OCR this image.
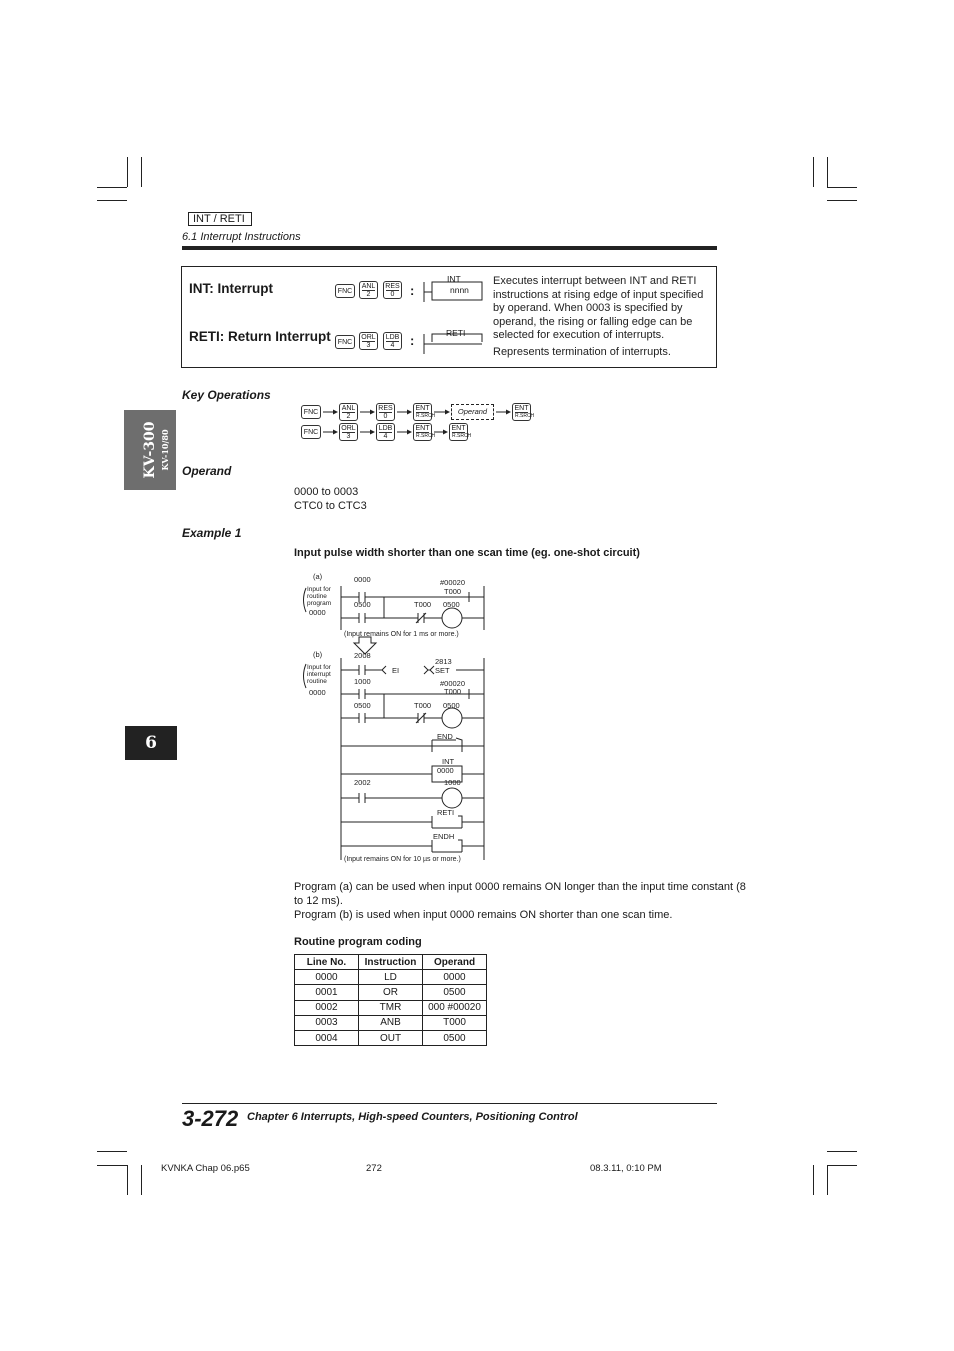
INT / RETI
6.1 Interrupt Instructions
INT: Interrupt
RETI: Return Interrupt
FNC
ANL
2
RES
0	:
FNC
ORL
3
LDB
4	:
INT
nnnn
RETI
Executes interrupt between INT and RETI
instructions at rising edge of input specified
by operand. When 0003 is specified by
operand, the rising or falling edge can be
selected for execution of interrupts.
Represents termination of interrupts.
Key Operations
FNC
ANL
2
RES
0
ENT
R.SRCH	Operand	ENT
R.SRCH
FNC
ORL
3
LDB
4
ENT
R.SRCH
ENT
R.SRCH
KV-300 KV-10/80
6
Operand
0000 to 0003
CTC0 to CTC3
Example 1
Input pulse width shorter than one scan time (eg. one-shot circuit)
(a)
Input for
routine
program
0000
0000
0500	T000
#00020
T000
0500
(Input remains ON for 1 ms or more.)
(b)
Input for
interrupt
routine
0000
2008
EI
2813
SET
1000	#00020
T000
0500	T000 0500
END
INT
0000
2002	1000
RETI
ENDH
(Input remains ON for 10 µs or more.)
Program (a) can be used when input 0000 remains ON longer than the input time constant (8
to 12 ms).
Program (b) is used when input 0000 remains ON shorter than one scan time.
Routine program coding
Line No.	Instruction	Operand
0000	LD	0000
0001	OR	0500
0002	TMR	000 #00020
0003	ANB	T000
0004	OUT	0500
3-272 Chapter 6 Interrupts, High-speed Counters, Positioning Control
KVNKA Chap 06.p65	272	08.3.11, 0:10 PM
